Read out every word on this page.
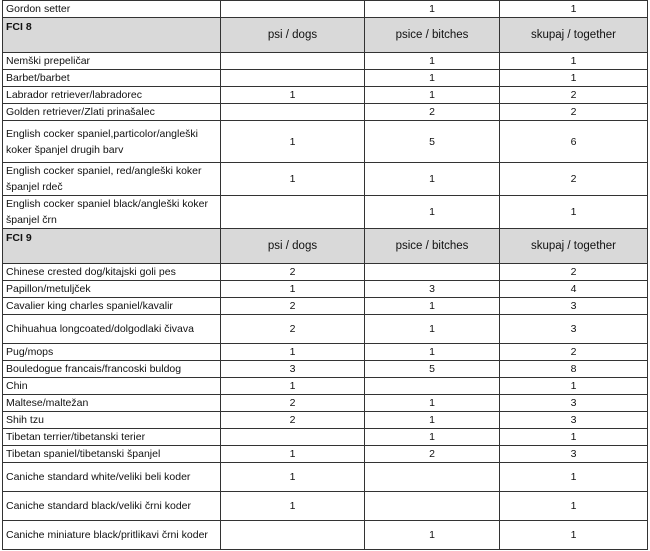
Gordon setter		1	1
FCI 8	psi / dogs	psice / bitches	skupaj / together
Nemški prepeličar		1	1
Barbet/barbet		1	1
Labrador retriever/labradorec	1	1	2
Golden retriever/Zlati prinašalec		2	2
English cocker spaniel,particolor/angleški koker španjel drugih barv	1	5	6
English cocker spaniel, red/angleški koker španjel rdeč	1	1	2
English cocker spaniel black/angleški koker španjel črn		1	1
FCI 9	psi / dogs	psice / bitches	skupaj / together
Chinese crested dog/kitajski goli pes	2		2
Papillon/metuljček	1	3	4
Cavalier king charles spaniel/kavalir	2	1	3
Chihuahua longcoated/dolgodlaki čivava	2	1	3
Pug/mops	1	1	2
Bouledogue francais/francoski buldog	3	5	8
Chin	1		1
Maltese/maltežan	2	1	3
Shih tzu	2	1	3
Tibetan terrier/tibetanski terier		1	1
Tibetan spaniel/tibetanski španjel	1	2	3
Caniche standard white/veliki beli koder	1		1
Caniche standard black/veliki črni koder	1		1
Caniche miniature black/pritlikavi črni koder		1	1
